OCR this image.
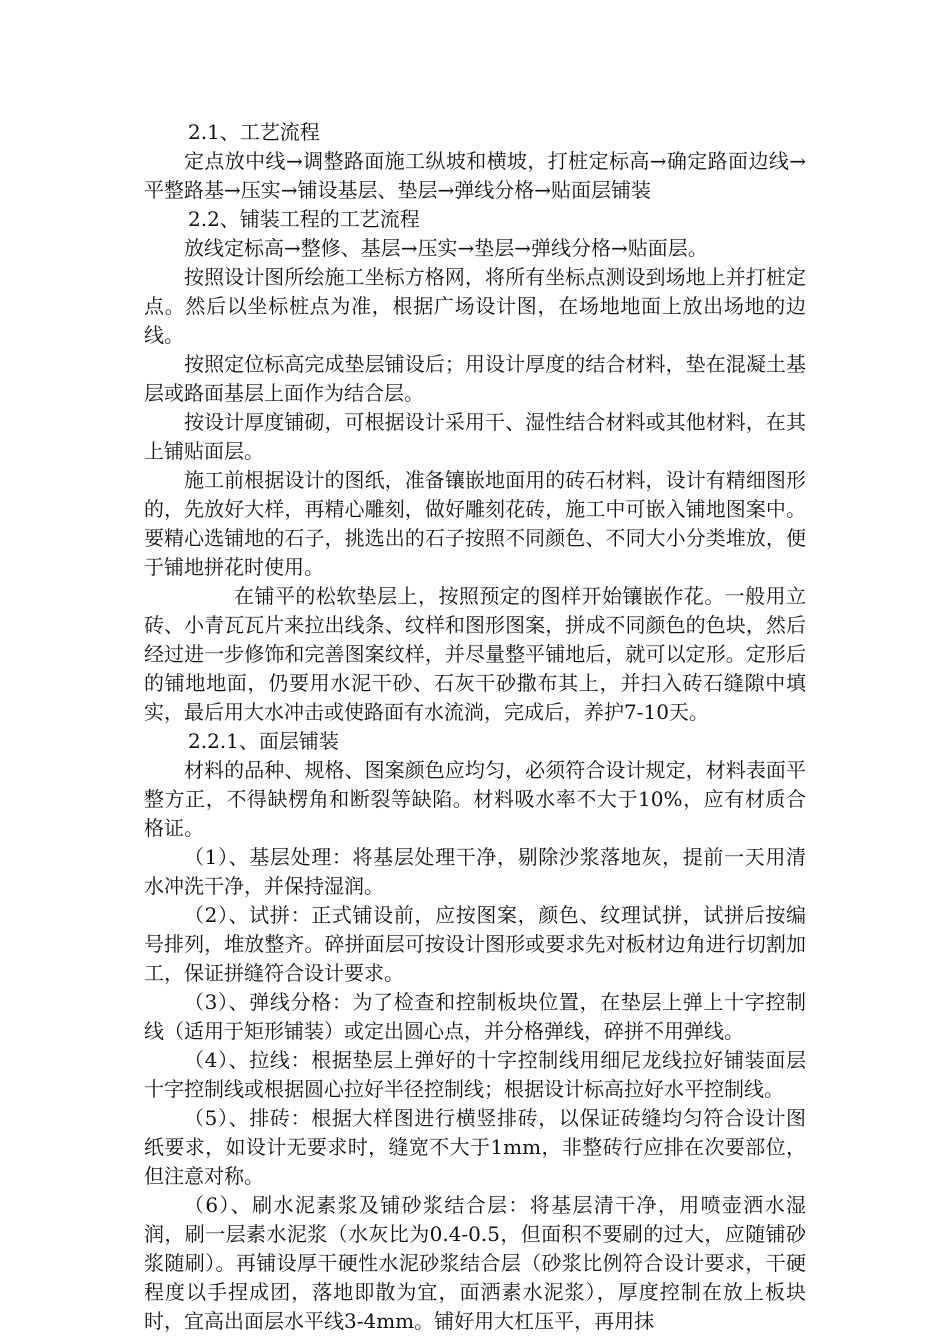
2.1、工艺流程

定点放中线→调整路面施工纵坡和横坡，打桩定标高→确定路面边线→平整路基→压实→铺设基层、垫层→弹线分格→贴面层铺装

2.2、铺装工程的工艺流程

放线定标高→整修、基层→压实→垫层→弹线分格→贴面层。

按照设计图所绘施工坐标方格网，将所有坐标点测设到场地上并打桩定点。然后以坐标桩点为准，根据广场设计图，在场地地面上放出场地的边线。

按照定位标高完成垫层铺设后；用设计厚度的结合材料，垫在混凝土基层或路面基层上面作为结合层。

按设计厚度铺砌，可根据设计采用干、湿性结合材料或其他材料，在其上铺贴面层。

施工前根据设计的图纸，准备镶嵌地面用的砖石材料，设计有精细图形的，先放好大样，再精心雕刻，做好雕刻花砖，施工中可嵌入铺地图案中。要精心选铺地的石子，挑选出的石子按照不同颜色、不同大小分类堆放，便于铺地拼花时使用。

在铺平的松软垫层上，按照预定的图样开始镶嵌作花。一般用立砖、小青瓦瓦片来拉出线条、纹样和图形图案，拼成不同颜色的色块，然后经过进一步修饰和完善图案纹样，并尽量整平铺地后，就可以定形。定形后的铺地地面，仍要用水泥干砂、石灰干砂撒布其上，并扫入砖石缝隙中填实，最后用大水冲击或使路面有水流淌，完成后，养护7-10天。

2.2.1、面层铺装

材料的品种、规格、图案颜色应均匀，必须符合设计规定，材料表面平整方正，不得缺楞角和断裂等缺陷。材料吸水率不大于10%，应有材质合格证。

（1）、基层处理：将基层处理干净，剔除沙浆落地灰，提前一天用清水冲洗干净，并保持湿润。

（2）、试拼：正式铺设前，应按图案，颜色、纹理试拼，试拼后按编号排列，堆放整齐。碎拼面层可按设计图形或要求先对板材边角进行切割加工，保证拼缝符合设计要求。

（3）、弹线分格：为了检查和控制板块位置，在垫层上弹上十字控制线（适用于矩形铺装）或定出圆心点，并分格弹线，碎拼不用弹线。

（4）、拉线：根据垫层上弹好的十字控制线用细尼龙线拉好铺装面层十字控制线或根据圆心拉好半径控制线；根据设计标高拉好水平控制线。

（5）、排砖：根据大样图进行横竖排砖，以保证砖缝均匀符合设计图纸要求，如设计无要求时，缝宽不大于1mm，非整砖行应排在次要部位，但注意对称。

（6）、刷水泥素浆及铺砂浆结合层：将基层清干净，用喷壶洒水湿润，刷一层素水泥浆（水灰比为0.4-0.5，但面积不要刷的过大，应随铺砂浆随刷）。再铺设厚干硬性水泥砂浆结合层（砂浆比例符合设计要求，干硬程度以手捏成团，落地即散为宜，面洒素水泥浆），厚度控制在放上板块时，宜高出面层水平线3-4mm。铺好用大杠压平，再用抹
